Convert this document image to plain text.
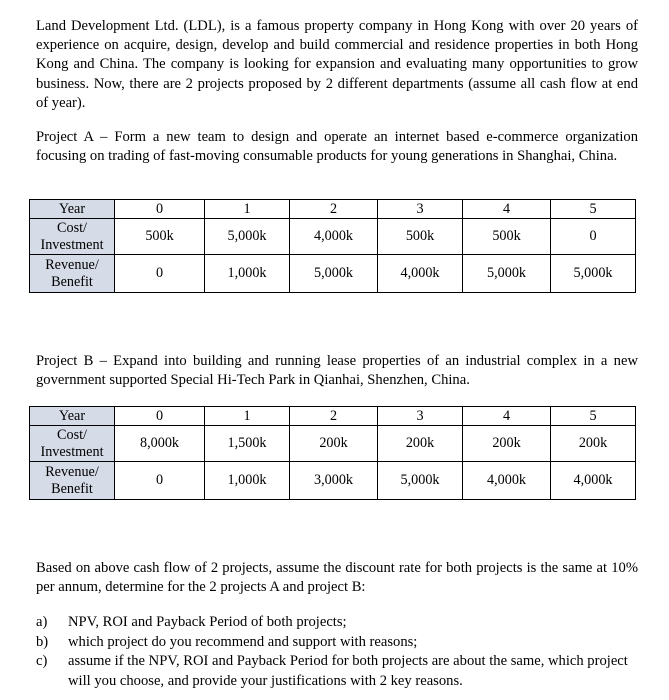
Land Development Ltd. (LDL), is a famous property company in Hong Kong with over 20 years of experience on acquire, design, develop and build commercial and residence properties in both Hong Kong and China. The company is looking for expansion and evaluating many opportunities to grow business. Now, there are 2 projects proposed by 2 different departments (assume all cash flow at end of year).

Project A – Form a new team to design and operate an internet based e-commerce organization focusing on trading of fast-moving consumable products for young generations in Shanghai, China.

Year	0	1	2	3	4	5
Cost/ Investment	500k	5,000k	4,000k	500k	500k	0
Revenue/ Benefit	0	1,000k	5,000k	4,000k	5,000k	5,000k

Project B – Expand into building and running lease properties of an industrial complex in a new government supported Special Hi-Tech Park in Qianhai, Shenzhen, China.

Year	0	1	2	3	4	5
Cost/ Investment	8,000k	1,500k	200k	200k	200k	200k
Revenue/ Benefit	0	1,000k	3,000k	5,000k	4,000k	4,000k

Based on above cash flow of 2 projects, assume the discount rate for both projects is the same at 10% per annum, determine for the 2 projects A and project B:

a) NPV, ROI and Payback Period of both projects;
b) which project do you recommend and support with reasons;
c) assume if the NPV, ROI and Payback Period for both projects are about the same, which project will you choose, and provide your justifications with 2 key reasons.
